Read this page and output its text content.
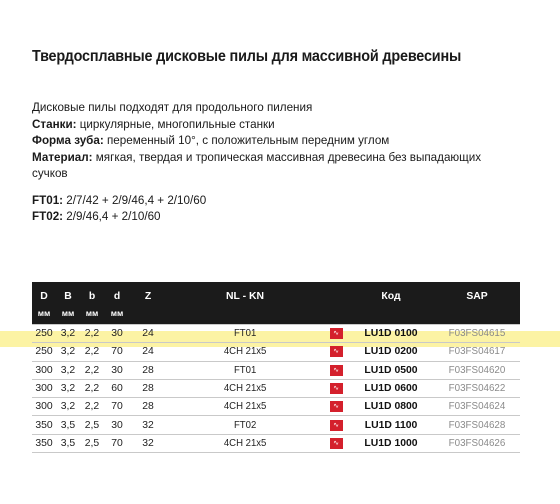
Твердосплавные дисковые пилы для массивной древесины
Дисковые пилы подходят для продольного пиления
Станки: циркулярные, многопильные станки
Форма зуба: переменный 10°, с положительным передним углом
Материал: мягкая, твердая и тропическая массивная древесина без выпадающих
сучков
FT01: 2/7/42 + 2/9/46,4 + 2/10/60
FT02: 2/9/46,4 + 2/10/60
D	B	b	d	Z	NL - KN		Код	SAP
мм	мм	мм	мм					
250	3,2	2,2	30	24	FT01	∿	LU1D 0100	F03FS04615
250	3,2	2,2	70	24	4CH 21x5	∿	LU1D 0200	F03FS04617
300	3,2	2,2	30	28	FT01	∿	LU1D 0500	F03FS04620
300	3,2	2,2	60	28	4CH 21x5	∿	LU1D 0600	F03FS04622
300	3,2	2,2	70	28	4CH 21x5	∿	LU1D 0800	F03FS04624
350	3,5	2,5	30	32	FT02	∿	LU1D 1100	F03FS04628
350	3,5	2,5	70	32	4CH 21x5	∿	LU1D 1000	F03FS04626
